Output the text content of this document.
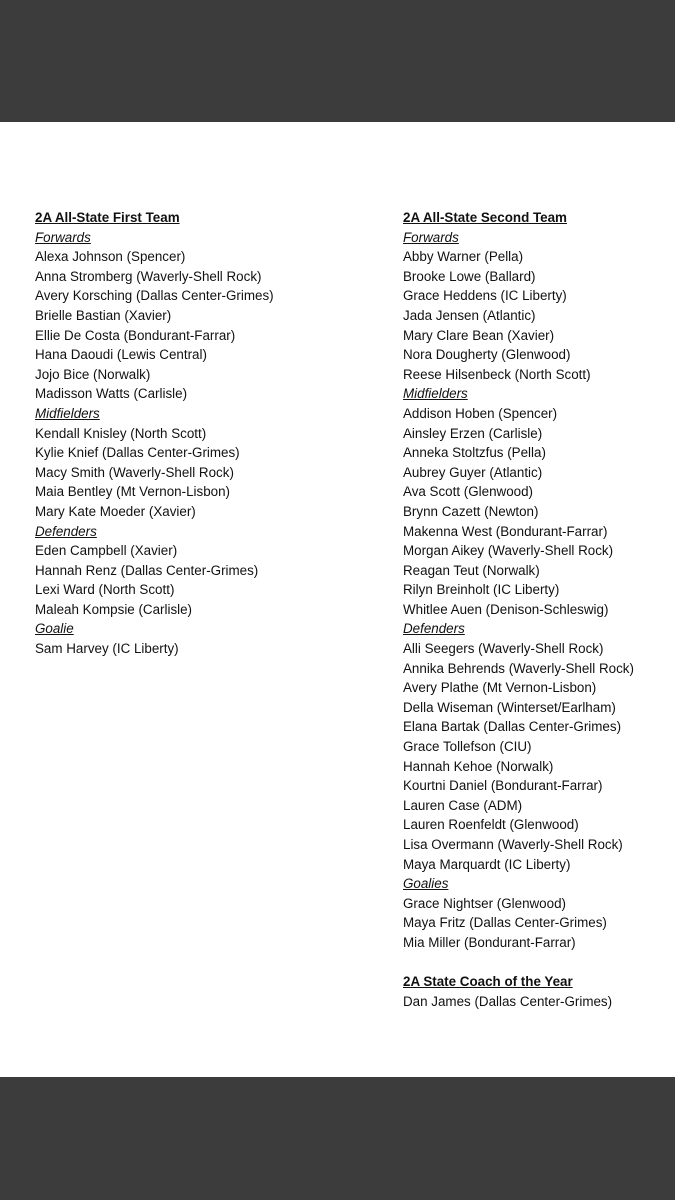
2A All-State First Team
Forwards
Alexa Johnson (Spencer)
Anna Stromberg (Waverly-Shell Rock)
Avery Korsching (Dallas Center-Grimes)
Brielle Bastian (Xavier)
Ellie De Costa (Bondurant-Farrar)
Hana Daoudi (Lewis Central)
Jojo Bice (Norwalk)
Madisson Watts (Carlisle)
Midfielders
Kendall Knisley (North Scott)
Kylie Knief (Dallas Center-Grimes)
Macy Smith (Waverly-Shell Rock)
Maia Bentley (Mt Vernon-Lisbon)
Mary Kate Moeder (Xavier)
Defenders
Eden Campbell (Xavier)
Hannah Renz (Dallas Center-Grimes)
Lexi Ward (North Scott)
Maleah Kompsie (Carlisle)
Goalie
Sam Harvey (IC Liberty)
2A All-State Second Team
Forwards
Abby Warner (Pella)
Brooke Lowe (Ballard)
Grace Heddens (IC Liberty)
Jada Jensen (Atlantic)
Mary Clare Bean (Xavier)
Nora Dougherty (Glenwood)
Reese Hilsenbeck (North Scott)
Midfielders
Addison Hoben (Spencer)
Ainsley Erzen (Carlisle)
Anneka Stoltzfus (Pella)
Aubrey Guyer (Atlantic)
Ava Scott (Glenwood)
Brynn Cazett (Newton)
Makenna West (Bondurant-Farrar)
Morgan Aikey (Waverly-Shell Rock)
Reagan Teut (Norwalk)
Rilyn Breinholt (IC Liberty)
Whitlee Auen (Denison-Schleswig)
Defenders
Alli Seegers (Waverly-Shell Rock)
Annika Behrends (Waverly-Shell Rock)
Avery Plathe (Mt Vernon-Lisbon)
Della Wiseman (Winterset/Earlham)
Elana Bartak (Dallas Center-Grimes)
Grace Tollefson (CIU)
Hannah Kehoe (Norwalk)
Kourtni Daniel (Bondurant-Farrar)
Lauren Case (ADM)
Lauren Roenfeldt (Glenwood)
Lisa Overmann (Waverly-Shell Rock)
Maya Marquardt (IC Liberty)
Goalies
Grace Nightser (Glenwood)
Maya Fritz (Dallas Center-Grimes)
Mia Miller (Bondurant-Farrar)
2A State Coach of the Year
Dan James (Dallas Center-Grimes)
